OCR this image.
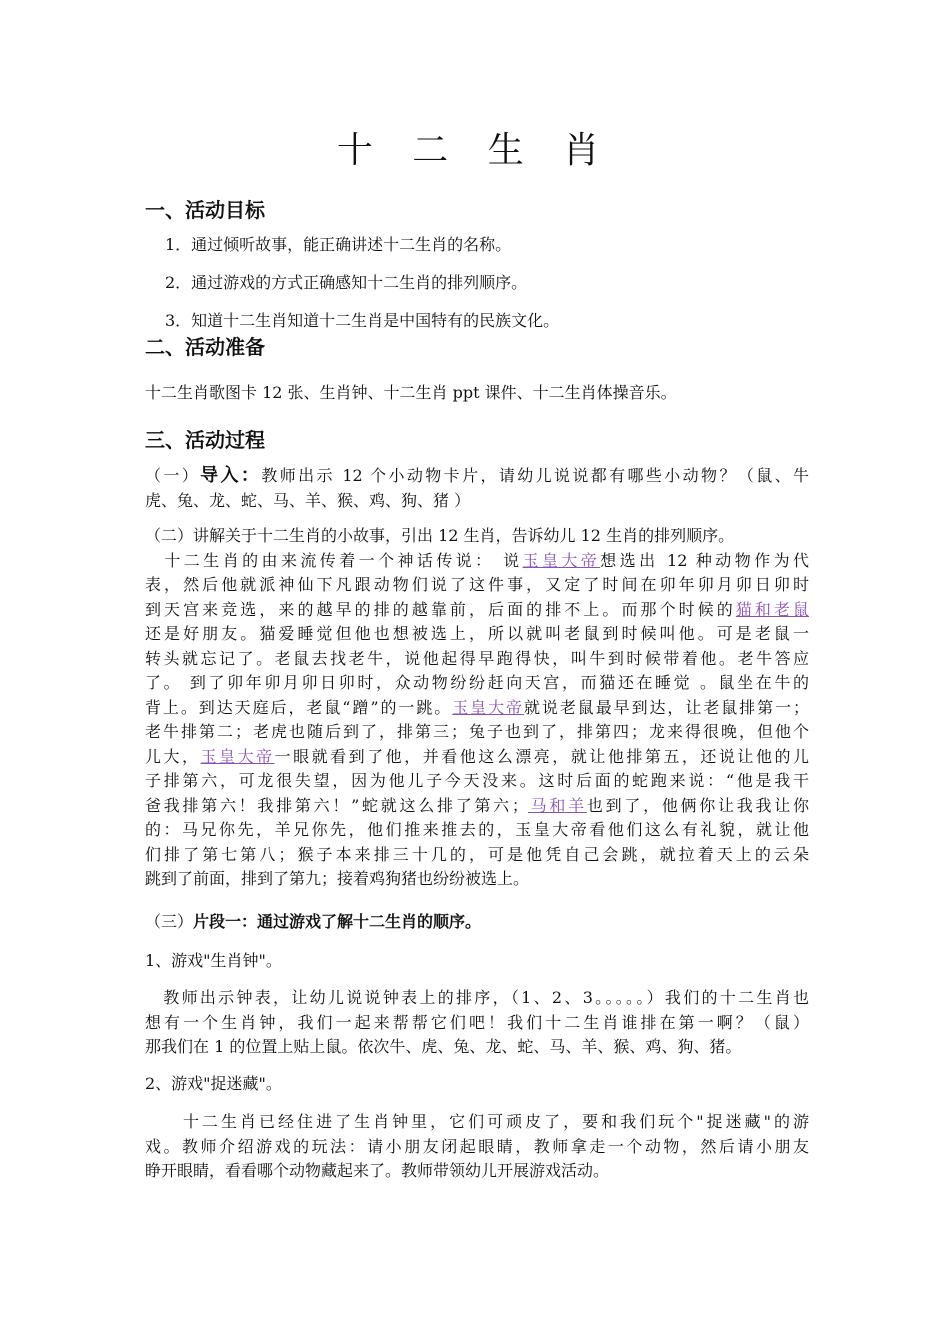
十 二 生 肖
一、活动目标
1．通过倾听故事，能正确讲述十二生肖的名称。
2．通过游戏的方式正确感知十二生肖的排列顺序。
3．知道十二生肖知道十二生肖是中国特有的民族文化。
二、活动准备
十二生肖歌图卡 12 张、生肖钟、十二生肖 ppt 课件、十二生肖体操音乐。
三、活动过程
（一）导入：教师出示 12 个小动物卡片，请幼儿说说都有哪些小动物？（鼠、牛
虎、兔、龙、蛇、马、羊、猴、鸡、狗、猪 ）
（二）讲解关于十二生肖的小故事，引出 12 生肖，告诉幼儿 12 生肖的排列顺序。
　十二生肖的由来流传着一个神话传说： 说玉皇大帝想选出 12 种动物作为代
表，然后他就派神仙下凡跟动物们说了这件事，又定了时间在卯年卯月卯日卯时
到天宫来竞选，来的越早的排的越靠前，后面的排不上。而那个时候的猫和老鼠
还是好朋友。猫爱睡觉但他也想被选上，所以就叫老鼠到时候叫他。可是老鼠一
转头就忘记了。老鼠去找老牛，说他起得早跑得快，叫牛到时候带着他。老牛答应
了。 到了卯年卯月卯日卯时，众动物纷纷赶向天宫，而猫还在睡觉 。鼠坐在牛的
背上。到达天庭后，老鼠“蹭”的一跳。玉皇大帝就说老鼠最早到达，让老鼠排第一；
老牛排第二；老虎也随后到了，排第三；兔子也到了，排第四；龙来得很晚，但他个
儿大，玉皇大帝一眼就看到了他，并看他这么漂亮，就让他排第五，还说让他的儿
子排第六，可龙很失望，因为他儿子今天没来。这时后面的蛇跑来说：“他是我干
爸我排第六！我排第六！”蛇就这么排了第六；马和羊也到了，他俩你让我我让你
的：马兄你先，羊兄你先，他们推来推去的，玉皇大帝看他们这么有礼貌，就让他
们排了第七第八；猴子本来排三十几的，可是他凭自己会跳，就拉着天上的云朵
跳到了前面，排到了第九；接着鸡狗猪也纷纷被选上。
（三）片段一：通过游戏了解十二生肖的顺序。
1、游戏"生肖钟"。
　教师出示钟表，让幼儿说说钟表上的排序，（1、2、3。。。。。）我们的十二生肖也
想有一个生肖钟，我们一起来帮帮它们吧！我们十二生肖谁排在第一啊？（鼠）
那我们在 1 的位置上贴上鼠。依次牛、虎、兔、龙、蛇、马、羊、猴、鸡、狗、猪。
2、游戏"捉迷藏"。
　　十二生肖已经住进了生肖钟里，它们可顽皮了，要和我们玩个"捉迷藏"的游
戏。教师介绍游戏的玩法：请小朋友闭起眼睛，教师拿走一个动物，然后请小朋友
睁开眼睛，看看哪个动物藏起来了。教师带领幼儿开展游戏活动。
